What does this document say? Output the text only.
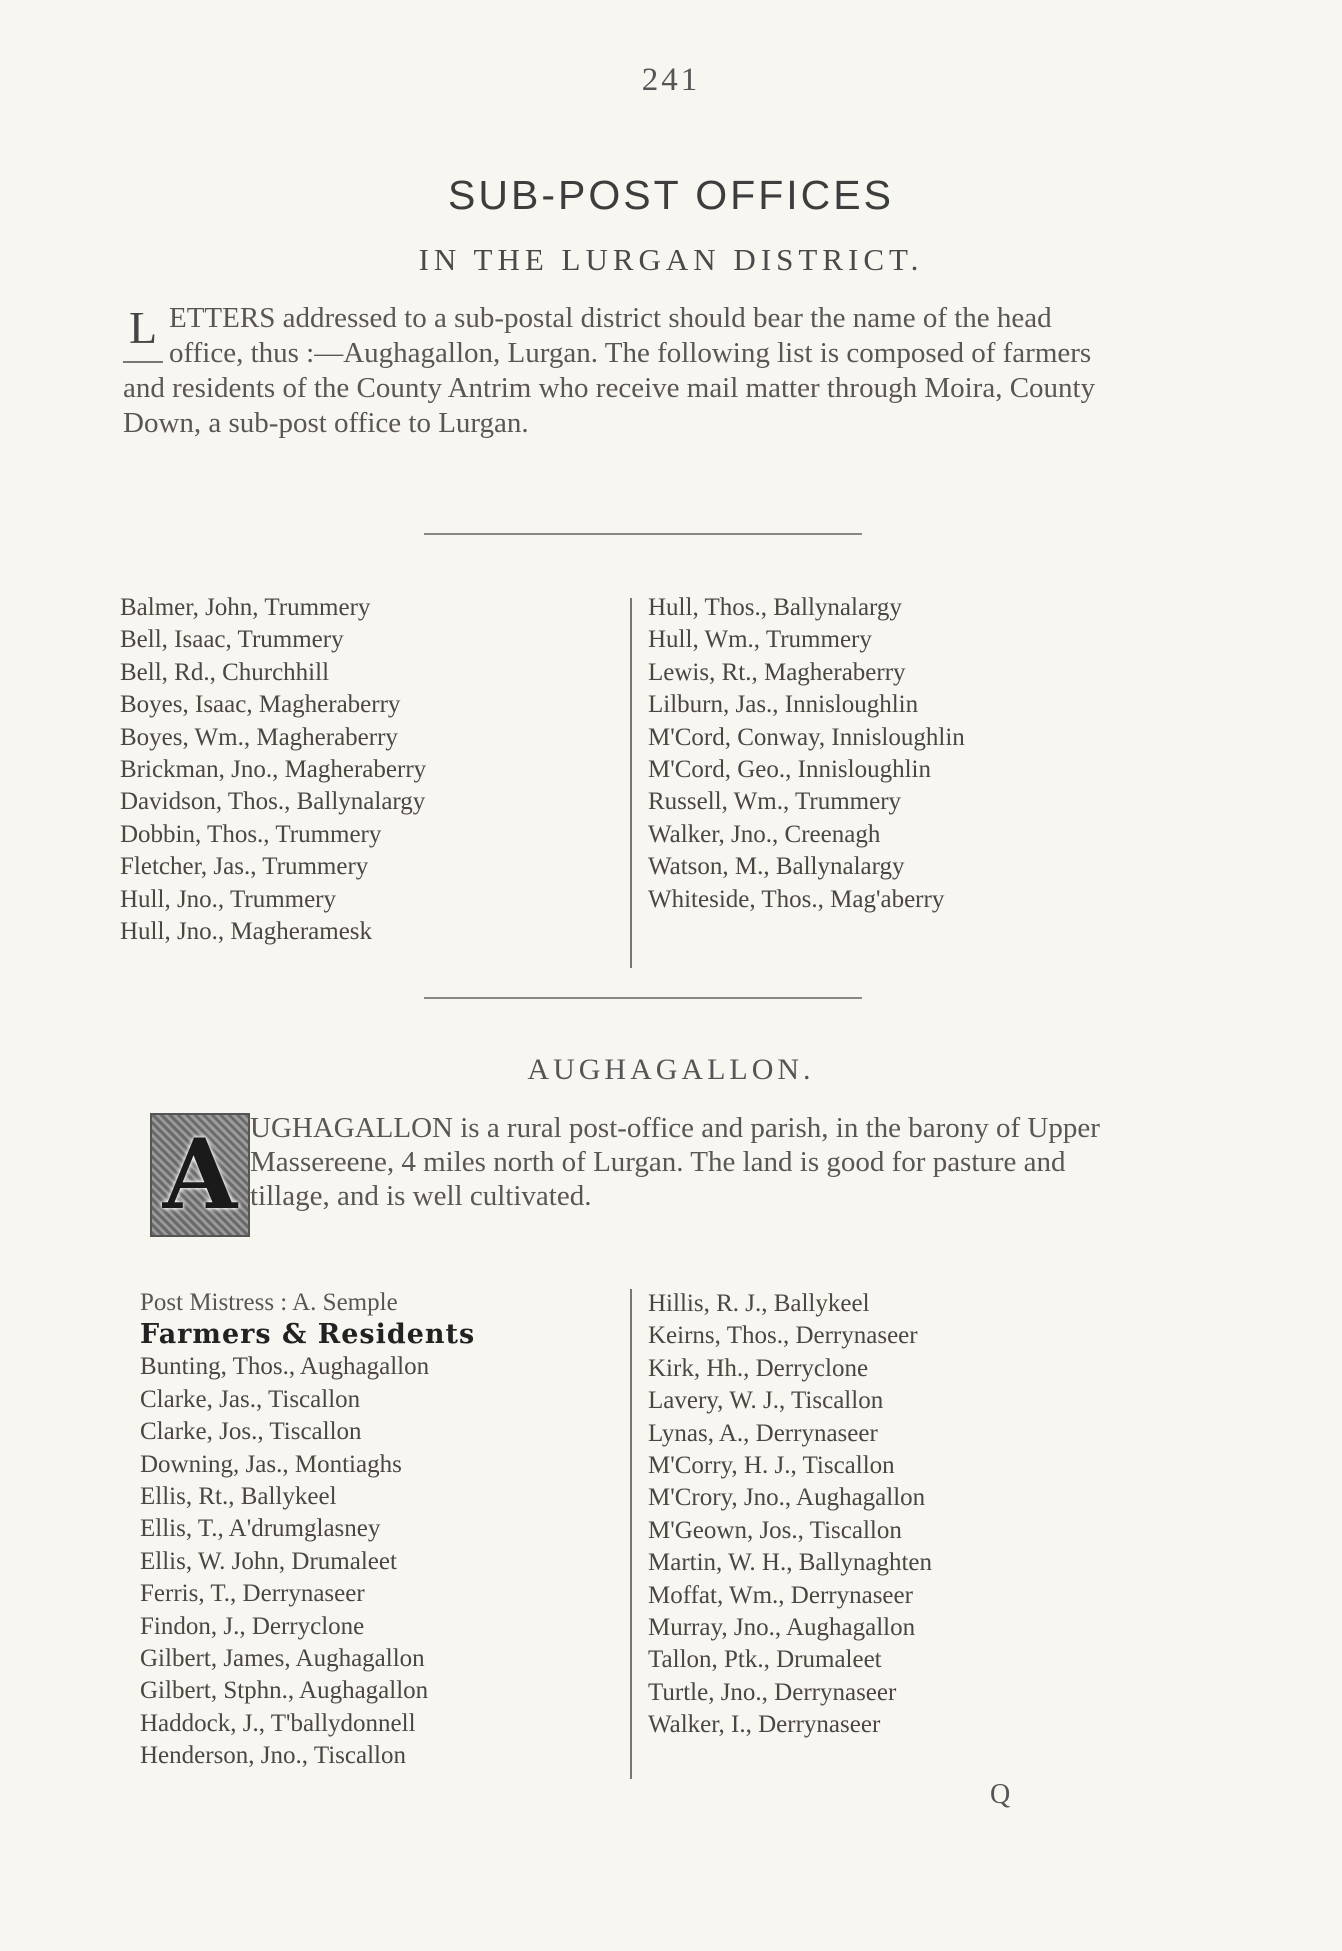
241
SUB-POST OFFICES
IN THE LURGAN DISTRICT.
L ETTERS addressed to a sub-postal district should bear the name of the head office, thus :—Aughagallon, Lurgan. The following list is composed of farmers and residents of the County Antrim who receive mail matter through Moira, County Down, a sub-post office to Lurgan.
Balmer, John, Trummery
Bell, Isaac, Trummery
Bell, Rd., Churchhill
Boyes, Isaac, Magheraberry
Boyes, Wm., Magheraberry
Brickman, Jno., Magheraberry
Davidson, Thos., Ballynalargy
Dobbin, Thos., Trummery
Fletcher, Jas., Trummery
Hull, Jno., Trummery
Hull, Jno., Magheramesk
Hull, Thos., Ballynalargy
Hull, Wm., Trummery
Lewis, Rt., Magheraberry
Lilburn, Jas., Innisloughlin
M'Cord, Conway, Innisloughlin
M'Cord, Geo., Innisloughlin
Russell, Wm., Trummery
Walker, Jno., Creenagh
Watson, M., Ballynalargy
Whiteside, Thos., Mag'aberry
AUGHAGALLON.
A UGHAGALLON is a rural post-office and parish, in the barony of Upper Massereene, 4 miles north of Lurgan. The land is good for pasture and tillage, and is well cultivated.
Post Mistress : A. Semple
Farmers & Residents
Bunting, Thos., Aughagallon
Clarke, Jas., Tiscallon
Clarke, Jos., Tiscallon
Downing, Jas., Montiaghs
Ellis, Rt., Ballykeel
Ellis, T., A'drumglasney
Ellis, W. John, Drumaleet
Ferris, T., Derrynaseer
Findon, J., Derryclone
Gilbert, James, Aughagallon
Gilbert, Stphn., Aughagallon
Haddock, J., T'ballydonnell
Henderson, Jno., Tiscallon
Hillis, R. J., Ballykeel
Keirns, Thos., Derrynaseer
Kirk, Hh., Derryclone
Lavery, W. J., Tiscallon
Lynas, A., Derrynaseer
M'Corry, H. J., Tiscallon
M'Crory, Jno., Aughagallon
M'Geown, Jos., Tiscallon
Martin, W. H., Ballynaghten
Moffat, Wm., Derrynaseer
Murray, Jno., Aughagallon
Tallon, Ptk., Drumaleet
Turtle, Jno., Derrynaseer
Walker, I., Derrynaseer
Q
